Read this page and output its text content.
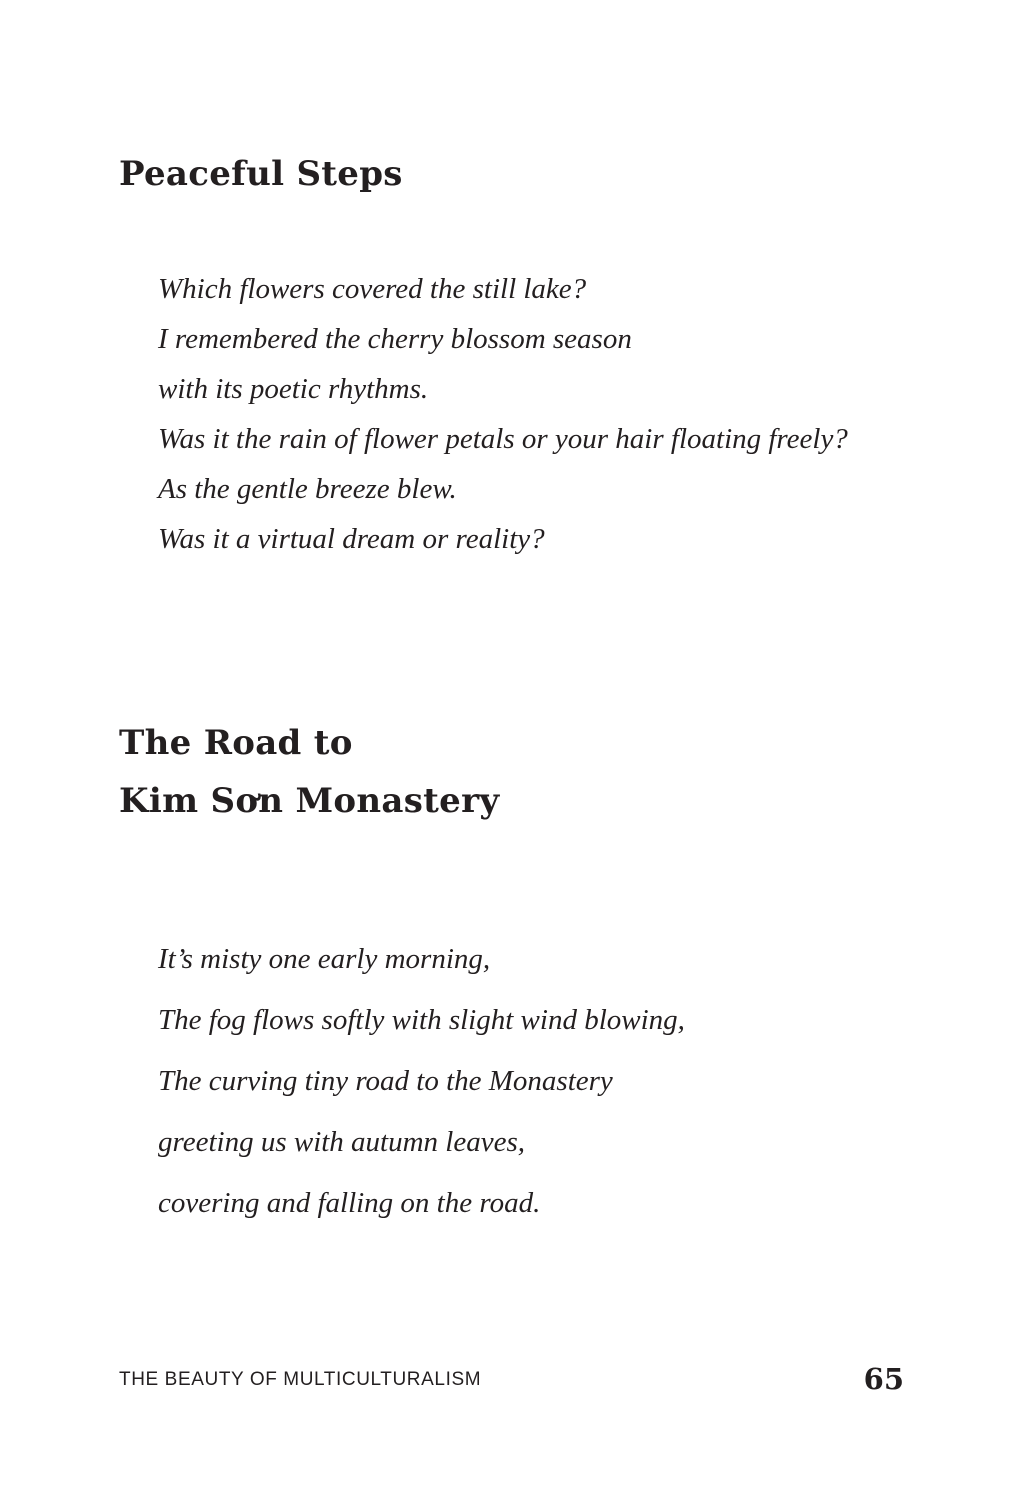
Peaceful Steps
Which flowers covered the still lake?
I remembered the cherry blossom season
with its poetic rhythms.
Was it the rain of flower petals or your hair floating freely?
As the gentle breeze blew.
Was it a virtual dream or reality?
The Road to
Kim Sơn Monastery
It’s misty one early morning,
The fog flows softly with slight wind blowing,
The curving tiny road to the Monastery
greeting us with autumn leaves,
covering and falling on the road.
THE BEAUTY OF MULTICULTURALISM	65
